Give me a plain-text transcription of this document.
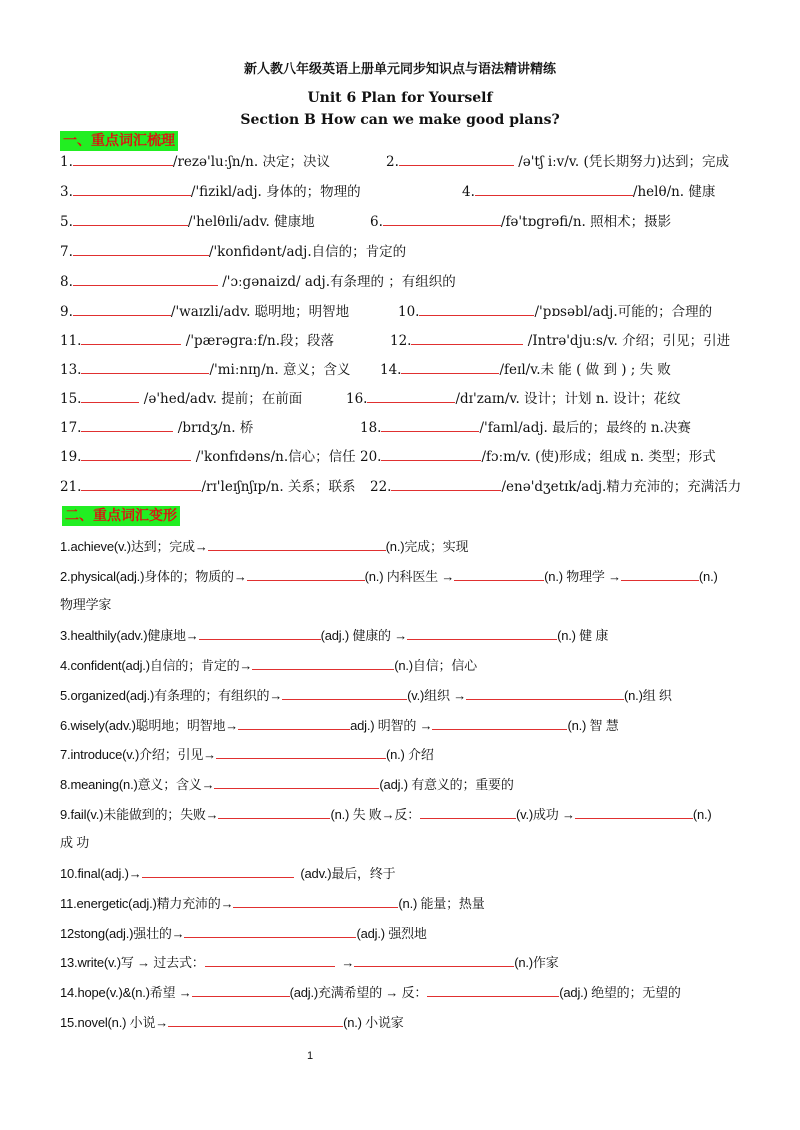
新人教八年级英语上册单元同步知识点与语法精讲精练
Unit 6 Plan for Yourself
Section B How can we make good plans?
一、重点词汇梳理
1.	/rezə'luːʃn/n. 决定；决议	2.	/ə'tʃ iːv/v. (凭长期努力)达到；完成
3.	/'fizikl/adj. 身体的；物理的	4.	/helθ/n. 健康
5.	/'helθɪli/adv. 健康地	6.	/fə'tɒgrəfi/n. 照相术；摄影
7.	/'konfidənt/adj.自信的；肯定的
8.	/'ɔːgənaizd/ adj.有条理的 ；有组织的
9.	/'waɪzli/adv. 聪明地；明智地	10.	/'pɒsəbl/adj.可能的；合理的
11.	/'pærəgraːf/n.段；段落	12.	/Intrə'djuːs/v. 介绍；引见；引进
13.	/'miːnɪŋ/n. 意义；含义 14.	/feɪl/v.未 能 ( 做 到 ) ; 失 败
15.	/ə'hed/adv. 提前；在前面	16.	/dɪ'zaɪn/v. 设计；计划 n. 设计；花纹
17.	/brɪdʒ/n. 桥	18.	/'faɪnl/adj. 最后的；最终的 n.决赛
19.	/'konfɪdəns/n.信心；信任 20.	/fɔːm/v. (使)形成；组成 n. 类型；形式
21.	/rɪ'leɪʃnʃɪp/n. 关系；联系 22.	/enə'dʒetɪk/adj.精力充沛的；充满活力
二、重点词汇变形
1.achieve(v.)达到；完成→	(n.)完成；实现
2.physical(adj.)身体的；物质的→	(n.) 内科医生 →	(n.) 物理学 →	(n.)
物理学家
3.healthily(adv.)健康地→	(adj.) 健康的 →	(n.) 健 康
4.confident(adj.)自信的；肯定的→	(n.)自信；信心
5.organized(adj.)有条理的；有组织的→	(v.)组织 →	(n.)组 织
6.wisely(adv.)聪明地；明智地→	adj.) 明智的 →	(n.) 智 慧
7.introduce(v.)介绍；引见→	(n.) 介绍
8.meaning(n.)意义；含义→	(adj.) 有意义的；重要的
9.fail(v.)未能做到的；失败→	(n.) 失 败→反：	(v.)成功 →	(n.)
成 功
10.final(adj.)→	(adv.)最后，终于
11.energetic(adj.)精力充沛的→	(n.) 能量；热量
12stong(adj.)强壮的→	(adj.) 强烈地
13.write(v.)写 → 过去式：	→	(n.)作家
14.hope(v.)&(n.)希望 →	(adj.)充满希望的 → 反：	(adj.) 绝望的；无望的
15.novel(n.) 小说→	(n.) 小说家
1
